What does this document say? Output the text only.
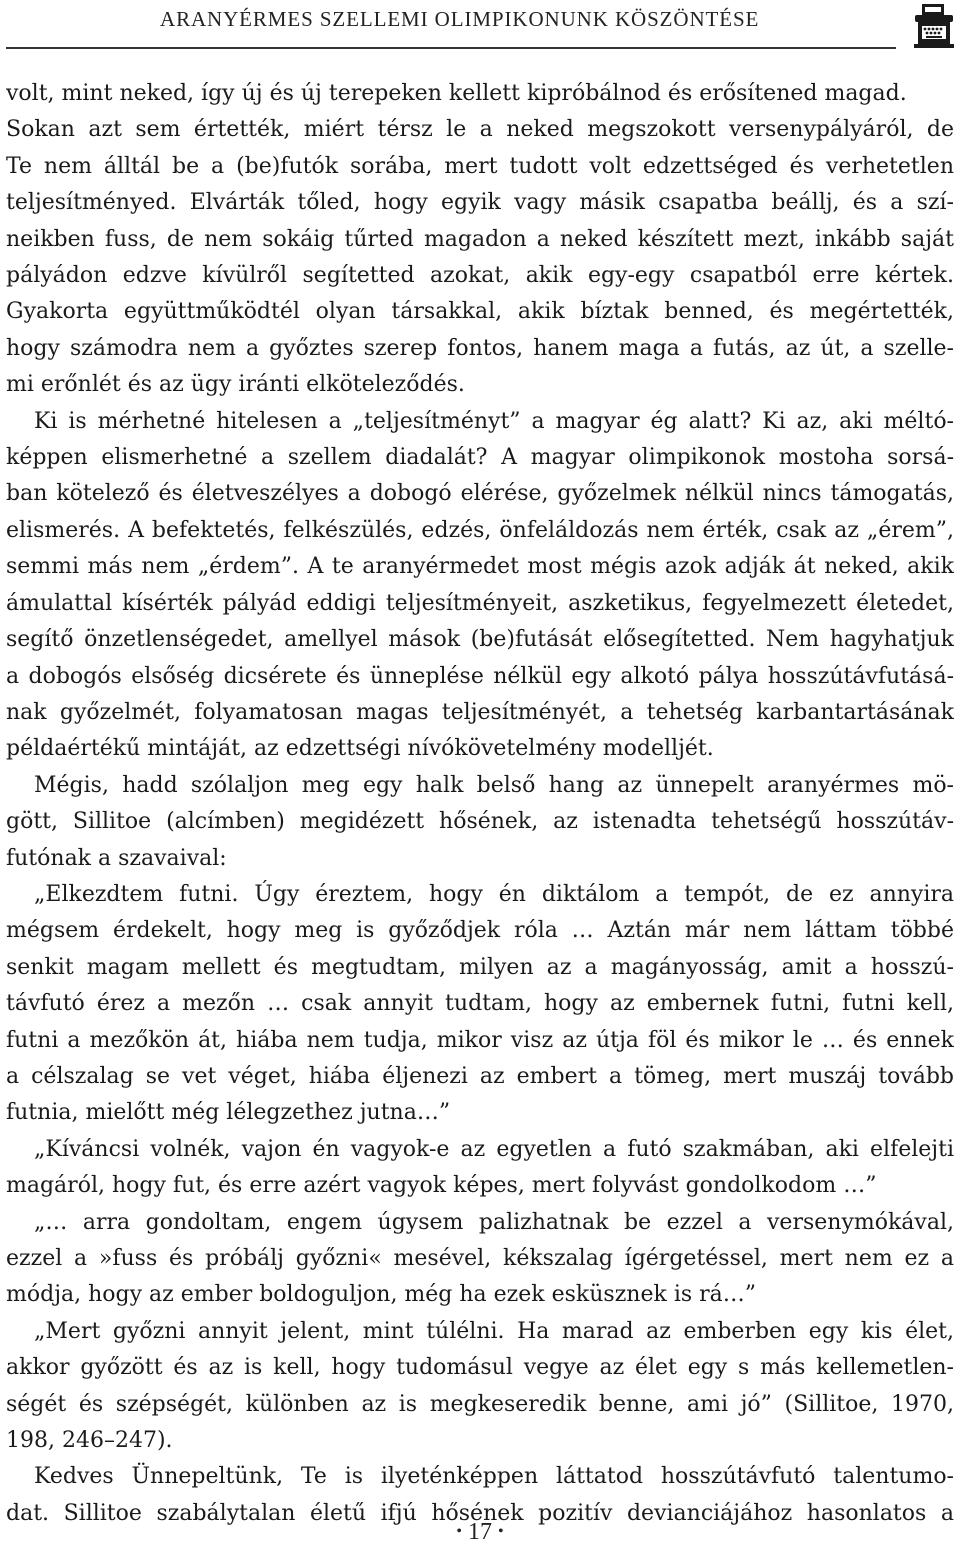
ARANYÉRMES SZELLEMI OLIMPIKONUNK KÖSZÖNTÉSE
volt, mint neked, így új és új terepeken kellett kipróbálnod és erősítened magad.
Sokan azt sem értették, miért térsz le a neked megszokott versenypályáról, de
Te nem álltál be a (be)futók sorába, mert tudott volt edzettséged és verhetetlen
teljesítményed. Elvárták tőled, hogy egyik vagy másik csapatba beállj, és a szí-
neikben fuss, de nem sokáig tűrted magadon a neked készített mezt, inkább saját
pályádon edzve kívülről segítetted azokat, akik egy-egy csapatból erre kértek.
Gyakorta együttműködtél olyan társakkal, akik bíztak benned, és megértették,
hogy számodra nem a győztes szerep fontos, hanem maga a futás, az út, a szelle-
mi erőnlét és az ügy iránti elköteleződés.
Ki is mérhetné hitelesen a „teljesítményt” a magyar ég alatt? Ki az, aki méltó-
képpen elismerhetné a szellem diadalát? A magyar olimpikonok mostoha sorsá-
ban kötelező és életveszélyes a dobogó elérése, győzelmek nélkül nincs támogatás,
elismerés. A befektetés, felkészülés, edzés, önfeláldozás nem érték, csak az „érem”,
semmi más nem „érdem”. A te aranyérmedet most mégis azok adják át neked, akik
ámulattal kísérték pályád eddigi teljesítményeit, aszketikus, fegyelmezett életedet,
segítő önzetlenségedet, amellyel mások (be)futását elősegítetted. Nem hagyhatjuk
a dobogós elsőség dicsérete és ünneplése nélkül egy alkotó pálya hosszútávfutásá-
nak győzelmét, folyamatosan magas teljesítményét, a tehetség karbantartásának
példaértékű mintáját, az edzettségi nívókövetelmény modelljét.
Mégis, hadd szólaljon meg egy halk belső hang az ünnepelt aranyérmes mö-
gött, Sillitoe (alcímben) megidézett hősének, az istenadta tehetségű hosszútáv-
futónak a szavaival:
„Elkezdtem futni. Úgy éreztem, hogy én diktálom a tempót, de ez annyira
mégsem érdekelt, hogy meg is győződjek róla … Aztán már nem láttam többé
senkit magam mellett és megtudtam, milyen az a magányosság, amit a hosszú-
távfutó érez a mezőn … csak annyit tudtam, hogy az embernek futni, futni kell,
futni a mezőkön át, hiába nem tudja, mikor visz az útja föl és mikor le … és ennek
a célszalag se vet véget, hiába éljenezi az embert a tömeg, mert muszáj tovább
futnia, mielőtt még lélegzethez jutna…”
„Kíváncsi volnék, vajon én vagyok-e az egyetlen a futó szakmában, aki elfelejti
magáról, hogy fut, és erre azért vagyok képes, mert folyvást gondolkodom …”
„… arra gondoltam, engem úgysem palizhatnak be ezzel a versenymókával,
ezzel a »fuss és próbálj győzni« mesével, kékszalag ígérgetéssel, mert nem ez a
módja, hogy az ember boldoguljon, még ha ezek esküsznek is rá…”
„Mert győzni annyit jelent, mint túlélni. Ha marad az emberben egy kis élet,
akkor győzött és az is kell, hogy tudomásul vegye az élet egy s más kellemetlen-
ségét és szépségét, különben az is megkeseredik benne, ami jó” (Sillitoe, 1970,
198, 246–247).
Kedves Ünnepeltünk, Te is ilyeténképpen láttatod hosszútávfutó talentumo-
dat. Sillitoe szabálytalan életű ifjú hősének pozitív devianciájához hasonlatos a
• 17 •
